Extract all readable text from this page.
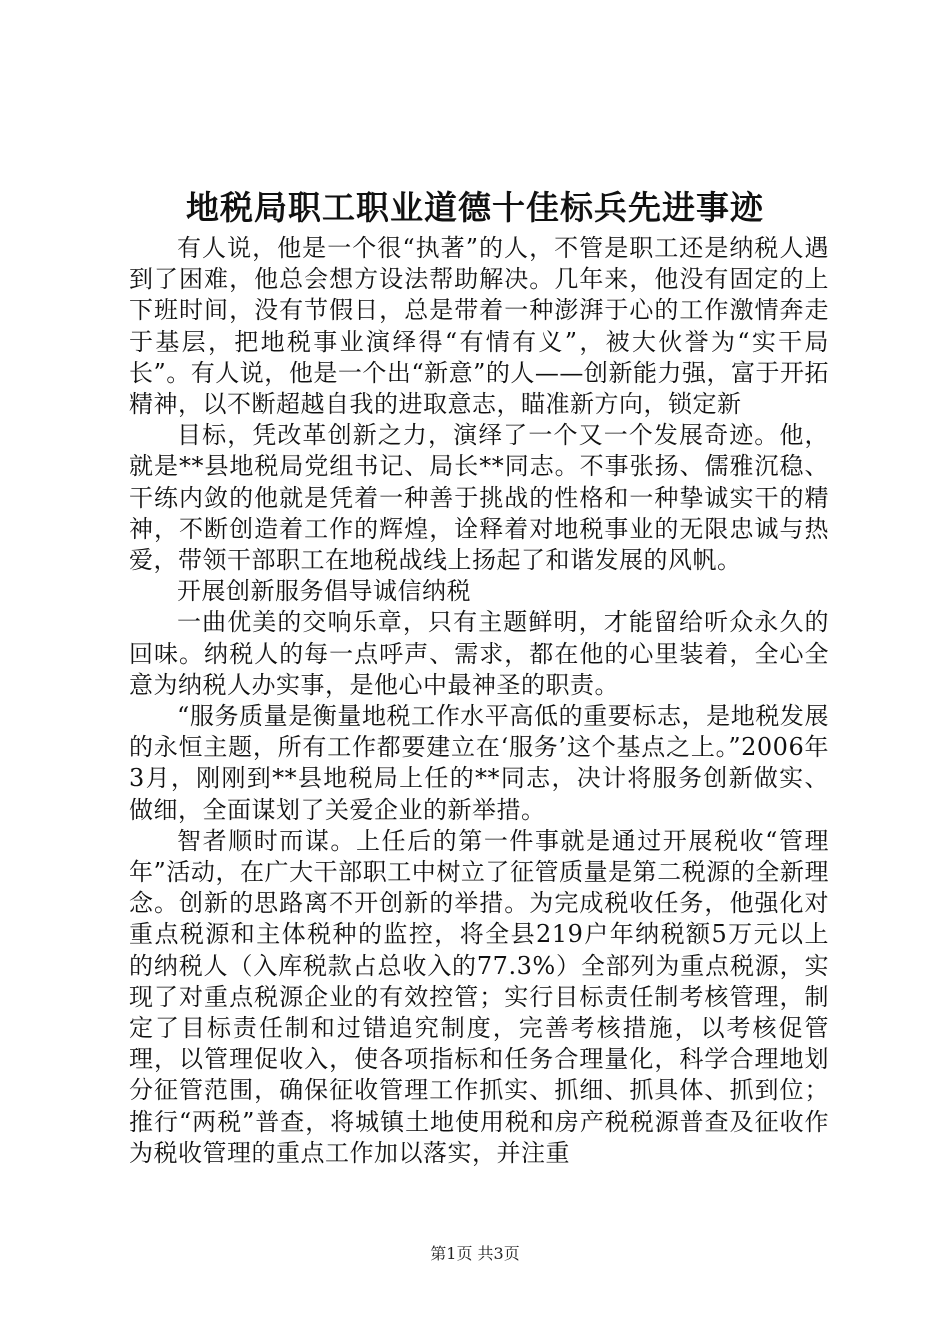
地税局职工职业道德十佳标兵先进事迹

有人说，他是一个很“执著”的人，不管是职工还是纳税人遇到了困难，他总会想方设法帮助解决。几年来，他没有固定的上下班时间，没有节假日，总是带着一种澎湃于心的工作激情奔走于基层，把地税事业演绎得“有情有义”，被大伙誉为“实干局长”。有人说，他是一个出“新意”的人——创新能力强，富于开拓精神，以不断超越自我的进取意志，瞄准新方向，锁定新

目标，凭改革创新之力，演绎了一个又一个发展奇迹。他，就是**县地税局党组书记、局长**同志。不事张扬、儒雅沉稳、干练内敛的他就是凭着一种善于挑战的性格和一种挚诚实干的精神，不断创造着工作的辉煌，诠释着对地税事业的无限忠诚与热爱，带领干部职工在地税战线上扬起了和谐发展的风帆。

开展创新服务倡导诚信纳税

一曲优美的交响乐章，只有主题鲜明，才能留给听众永久的回味。纳税人的每一点呼声、需求，都在他的心里装着，全心全意为纳税人办实事，是他心中最神圣的职责。

“服务质量是衡量地税工作水平高低的重要标志，是地税发展的永恒主题，所有工作都要建立在‘服务’这个基点之上。”2006年3月，刚刚到**县地税局上任的**同志，决计将服务创新做实、做细，全面谋划了关爱企业的新举措。

智者顺时而谋。上任后的第一件事就是通过开展税收“管理年”活动，在广大干部职工中树立了征管质量是第二税源的全新理念。创新的思路离不开创新的举措。为完成税收任务，他强化对重点税源和主体税种的监控，将全县219户年纳税额5万元以上的纳税人（入库税款占总收入的77.3%）全部列为重点税源，实现了对重点税源企业的有效控管；实行目标责任制考核管理，制定了目标责任制和过错追究制度，完善考核措施，以考核促管理，以管理促收入，使各项指标和任务合理量化，科学合理地划分征管范围，确保征收管理工作抓实、抓细、抓具体、抓到位；推行“两税”普查，将城镇土地使用税和房产税税源普查及征收作为税收管理的重点工作加以落实，并注重

第1页 共3页
